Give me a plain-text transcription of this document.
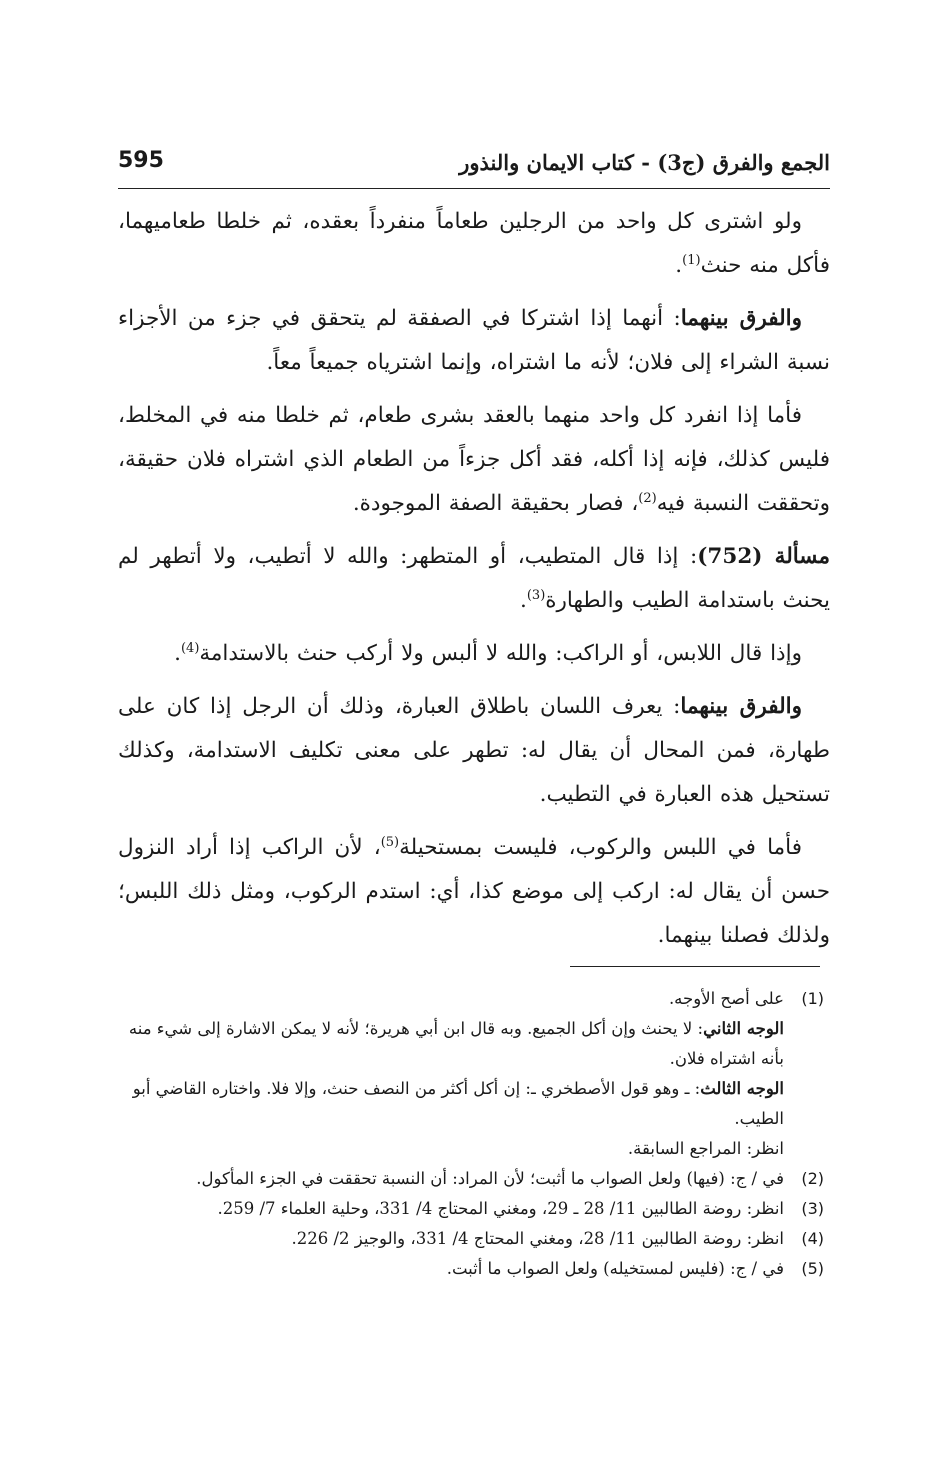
الجمع والفرق (ج3) - كتاب الايمان والنذور
595

ولو اشترى كل واحد من الرجلين طعاماً منفرداً بعقده، ثم خلطا طعاميهما، فأكل منه حنث$^{(1)}$.

والفرق بينهما: أنهما إذا اشتركا في الصفقة لم يتحقق في جزء من الأجزاء نسبة الشراء إلى فلان؛ لأنه ما اشتراه، وإنما اشترياه جميعاً معاً.

فأما إذا انفرد كل واحد منهما بالعقد بشرى طعام، ثم خلطا منه في المخلط، فليس كذلك، فإنه إذا أكله، فقد أكل جزءاً من الطعام الذي اشتراه فلان حقيقة، وتحققت النسبة فيه$^{(2)}$، فصار بحقيقة الصفة الموجودة.

مسألة (752): إذا قال المتطيب، أو المتطهر: والله لا أتطيب، ولا أتطهر لم يحنث باستدامة الطيب والطهارة$^{(3)}$.

وإذا قال اللابس، أو الراكب: والله لا ألبس ولا أركب حنث بالاستدامة$^{(4)}$.

والفرق بينهما: يعرف اللسان باطلاق العبارة، وذلك أن الرجل إذا كان على طهارة، فمن المحال أن يقال له: تطهر على معنى تكليف الاستدامة، وكذلك تستحيل هذه العبارة في التطيب.

فأما في اللبس والركوب، فليست بمستحيلة$^{(5)}$، لأن الراكب إذا أراد النزول حسن أن يقال له: اركب إلى موضع كذا، أي: استدم الركوب، ومثل ذلك اللبس؛ ولذلك فصلنا بينهما.

(1)
على أصح الأوجه.
الوجه الثاني: لا يحنث وإن أكل الجميع. وبه قال ابن أبي هريرة؛ لأنه لا يمكن الاشارة إلى شيء منه بأنه اشتراه فلان.
الوجه الثالث: ـ وهو قول الأصطخري ـ: إن أكل أكثر من النصف حنث، وإلا فلا. واختاره القاضي أبو الطيب.
انظر: المراجع السابقة.
(2)
في / ج: (فيها) ولعل الصواب ما أثبت؛ لأن المراد: أن النسبة تحققت في الجزء المأكول.
(3)
انظر: روضة الطالبين 11/ 28 ـ 29، ومغني المحتاج 4/ 331، وحلية العلماء 7/ 259.
(4)
انظر: روضة الطالبين 11/ 28، ومغني المحتاج 4/ 331، والوجيز 2/ 226.
(5)
في / ج: (فليس لمستخيله) ولعل الصواب ما أثبت.
